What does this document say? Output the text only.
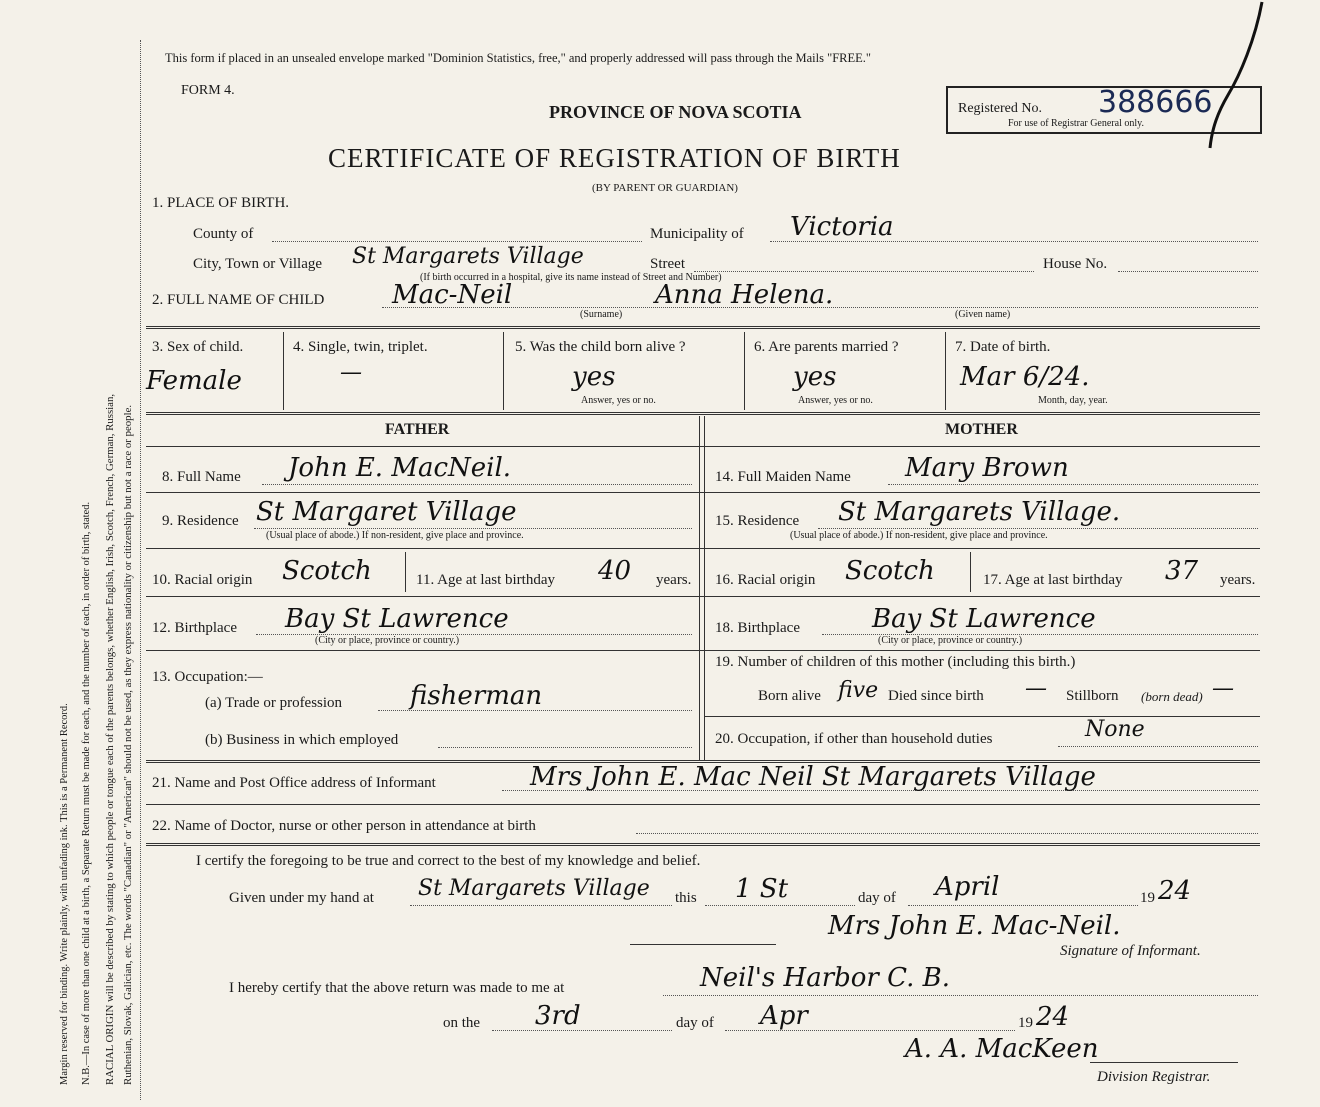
Margin reserved for binding. Write plainly, with unfading ink. This is a Permanent Record. N.B.—In case of more than one child at a birth, a Separate Return must be made for each, and the number of each, in order of birth, stated. RACIAL ORIGIN will be described by stating to which people or tongue each of the parents belongs, whether English, Irish, Scotch, French, German, Russian, Ruthenian, Slovak, Galician, etc. The words "Canadian" or "American" should not be used, as they express nationality or citizenship but not a race or people.
This form if placed in an unsealed envelope marked "Dominion Statistics, free," and properly addressed will pass through the Mails "FREE."
FORM 4.
PROVINCE OF NOVA SCOTIA
CERTIFICATE OF REGISTRATION OF BIRTH
(BY PARENT OR GUARDIAN)
Registered No. 388666
For use of Registrar General only.
1. PLACE OF BIRTH.
County of	Municipality of Victoria
City, Town or Village St Margarets Village	Street	House No.
(If birth occurred in a hospital, give its name instead of Street and Number)
2. FULL NAME OF CHILD	Mac-Neil	Anna Helena.
(Surname)	(Given name)
3. Sex of child.
Female
4. Single, twin, triplet.
—
5. Was the child born alive ?
yes
Answer, yes or no.
6. Are parents married ?
yes
Answer, yes or no.
7. Date of birth.
Mar 6/24.
Month, day, year.
FATHER	MOTHER
8. Full Name John E. MacNeil.	14. Full Maiden Name Mary Brown
9. Residence St Margaret Village
(Usual place of abode.) If non-resident, give place and province.
15. Residence St Margarets Village.
(Usual place of abode.) If non-resident, give place and province.
10. Racial origin Scotch	11. Age at last birthday 40 years. 16. Racial origin Scotch	17. Age at last birthday 37 years.
12. Birthplace Bay St Lawrence
(City or place, province or country.)
18. Birthplace	Bay St Lawrence
(City or place, province or country.)
13. Occupation:—
(a) Trade or profession	fisherman
(b) Business in which employed
19. Number of children of this mother (including this birth.)
Born alive five Died since birth — Stillborn (born dead) —
20. Occupation, if other than household duties	None
21. Name and Post Office address of Informant	Mrs John E. Mac Neil St Margarets Village
22. Name of Doctor, nurse or other person in attendance at birth
I certify the foregoing to be true and correct to the best of my knowledge and belief.
Given under my hand at St Margarets Village this 1 St	day of April	19 24
Mrs John E. Mac-Neil.
Signature of Informant.
I hereby certify that the above return was made to me at	Neil's Harbor C. B.
on the 3rd	day of Apr	19 24
A. A. MacKeen
Division Registrar.
